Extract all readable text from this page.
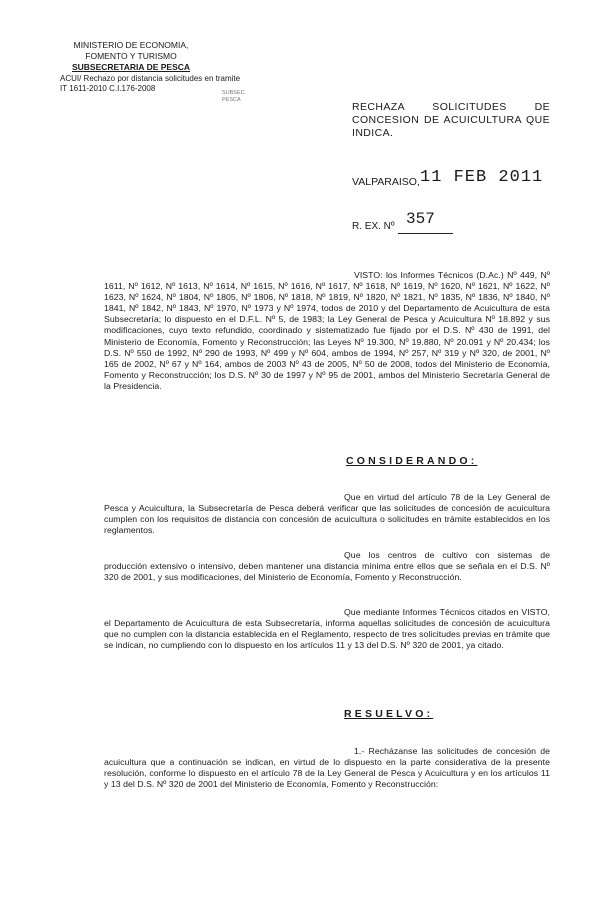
MINISTERIO DE ECONOMIA,
FOMENTO Y TURISMO
SUBSECRETARIA DE PESCA
ACUI/ Rechazo por distancia solicitudes en tramite
IT 1611-2010 C.I.176-2008	SUBSEC.
PESCA
RECHAZA SOLICITUDES DE CONCESION DE ACUICULTURA QUE INDICA.
VALPARAISO, 11 FEB 2011
R. EX. Nº 357
VISTO: los Informes Técnicos (D.Ac.) Nº 449, Nº 1611, Nº 1612, Nº 1613, Nº 1614, Nº 1615, Nº 1616, Nº 1617, Nº 1618, Nº 1619, Nº 1620, Nº 1621, Nº 1622, Nº 1623, Nº 1624, Nº 1804, Nº 1805, Nº 1806, Nº 1818, Nº 1819, Nº 1820, Nº 1821, Nº 1835, Nº 1836, Nº 1840, Nº 1841, Nº 1842, Nº 1843, Nº 1970, Nº 1973 y Nº 1974, todos de 2010 y del Departamento de Acuicultura de esta Subsecretaría; lo dispuesto en el D.F.L. Nº 5, de 1983; la Ley General de Pesca y Acuicultura Nº 18.892 y sus modificaciones, cuyo texto refundido, coordinado y sistematizado fue fijado por el D.S. Nº 430 de 1991, del Ministerio de Economía, Fomento y Reconstrucción; las Leyes Nº 19.300, Nº 19.880, Nº 20.091 y Nº 20.434; los D.S. Nº 550 de 1992, Nº 290 de 1993, Nº 499 y Nº 604, ambos de 1994, Nº 257, Nº 319 y Nº 320, de 2001, Nº 165 de 2002, Nº 67 y Nº 164, ambos de 2003 Nº 43 de 2005, Nº 50 de 2008, todos del Ministerio de Economía, Fomento y Reconstrucción; los D.S. Nº 30 de 1997 y Nº 95 de 2001, ambos del Ministerio Secretaría General de la Presidencia.
CONSIDERANDO:
Que en virtud del artículo 78 de la Ley General de Pesca y Acuicultura, la Subsecretaría de Pesca deberá verificar que las solicitudes de concesión de acuicultura cumplen con los requisitos de distancia con concesión de acuicultura o solicitudes en trámite establecidos en los reglamentos.
Que los centros de cultivo con sistemas de producción extensivo o intensivo, deben mantener una distancia mínima entre ellos que se señala en el D.S. Nº 320 de 2001, y sus modificaciones, del Ministerio de Economía, Fomento y Reconstrucción.
Que mediante Informes Técnicos citados en VISTO, el Departamento de Acuicultura de esta Subsecretaría, informa aquellas solicitudes de concesión de acuicultura que no cumplen con la distancia establecida en el Reglamento, respecto de tres solicitudes previas en trámite que se indican, no cumpliendo con lo dispuesto en los artículos 11 y 13 del D.S. Nº 320 de 2001, ya citado.
RESUELVO:
1.- Recházanse las solicitudes de concesión de acuicultura que a continuación se indican, en virtud de lo dispuesto en la parte considerativa de la presente resolución, conforme lo dispuesto en el artículo 78 de la Ley General de Pesca y Acuicultura y en los artículos 11 y 13 del D.S. Nº 320 de 2001 del Ministerio de Economía, Fomento y Reconstrucción:
